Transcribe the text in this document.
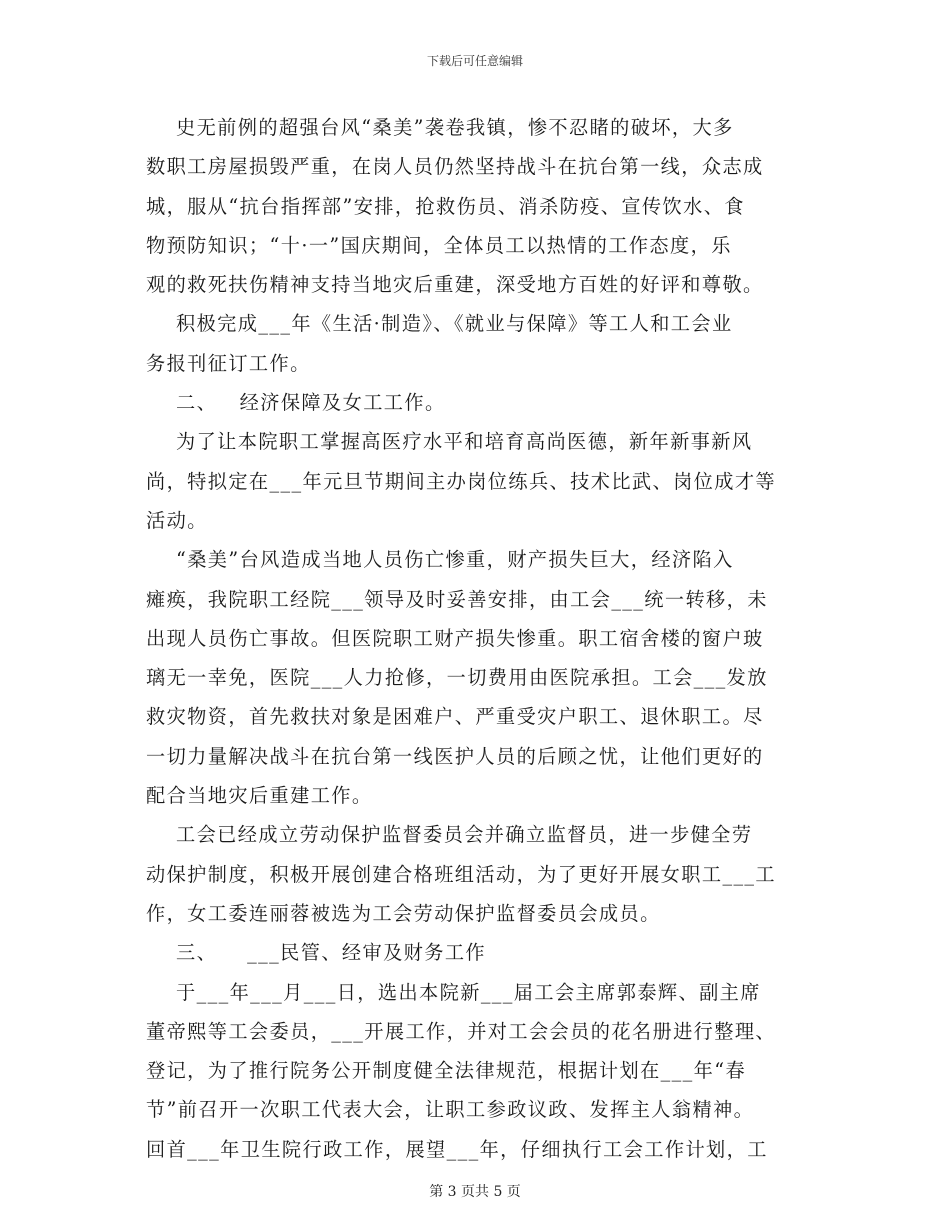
下载后可任意编辑
史无前例的超强台风“桑美”袭卷我镇，惨不忍睹的破坏，大多
数职工房屋损毁严重，在岗人员仍然坚持战斗在抗台第一线，众志成
城，服从“抗台指挥部”安排，抢救伤员、消杀防疫、宣传饮水、食
物预防知识；“十·一”国庆期间，全体员工以热情的工作态度，乐
观的救死扶伤精神支持当地灾后重建，深受地方百姓的好评和尊敬。
积极完成___年《生活·制造》、《就业与保障》等工人和工会业
务报刊征订工作。
二、   经济保障及女工工作。
为了让本院职工掌握高医疗水平和培育高尚医德，新年新事新风
尚，特拟定在___年元旦节期间主办岗位练兵、技术比武、岗位成才等
活动。
“桑美”台风造成当地人员伤亡惨重，财产损失巨大，经济陷入
瘫痪，我院职工经院___领导及时妥善安排，由工会___统一转移，未
出现人员伤亡事故。但医院职工财产损失惨重。职工宿舍楼的窗户玻
璃无一幸免，医院___人力抢修，一切费用由医院承担。工会___发放
救灾物资，首先救扶对象是困难户、严重受灾户职工、退休职工。尽
一切力量解决战斗在抗台第一线医护人员的后顾之忧，让他们更好的
配合当地灾后重建工作。
工会已经成立劳动保护监督委员会并确立监督员，进一步健全劳
动保护制度，积极开展创建合格班组活动，为了更好开展女职工___工
作，女工委连丽蓉被选为工会劳动保护监督委员会成员。
三、    ___民管、经审及财务工作
于___年___月___日，选出本院新___届工会主席郭泰辉、副主席
董帝熙等工会委员，___开展工作，并对工会会员的花名册进行整理、
登记，为了推行院务公开制度健全法律规范，根据计划在___年“春
节”前召开一次职工代表大会，让职工参政议政、发挥主人翁精神。
回首___年卫生院行政工作，展望___年，仔细执行工会工作计划，工
第 3 页共 5 页
